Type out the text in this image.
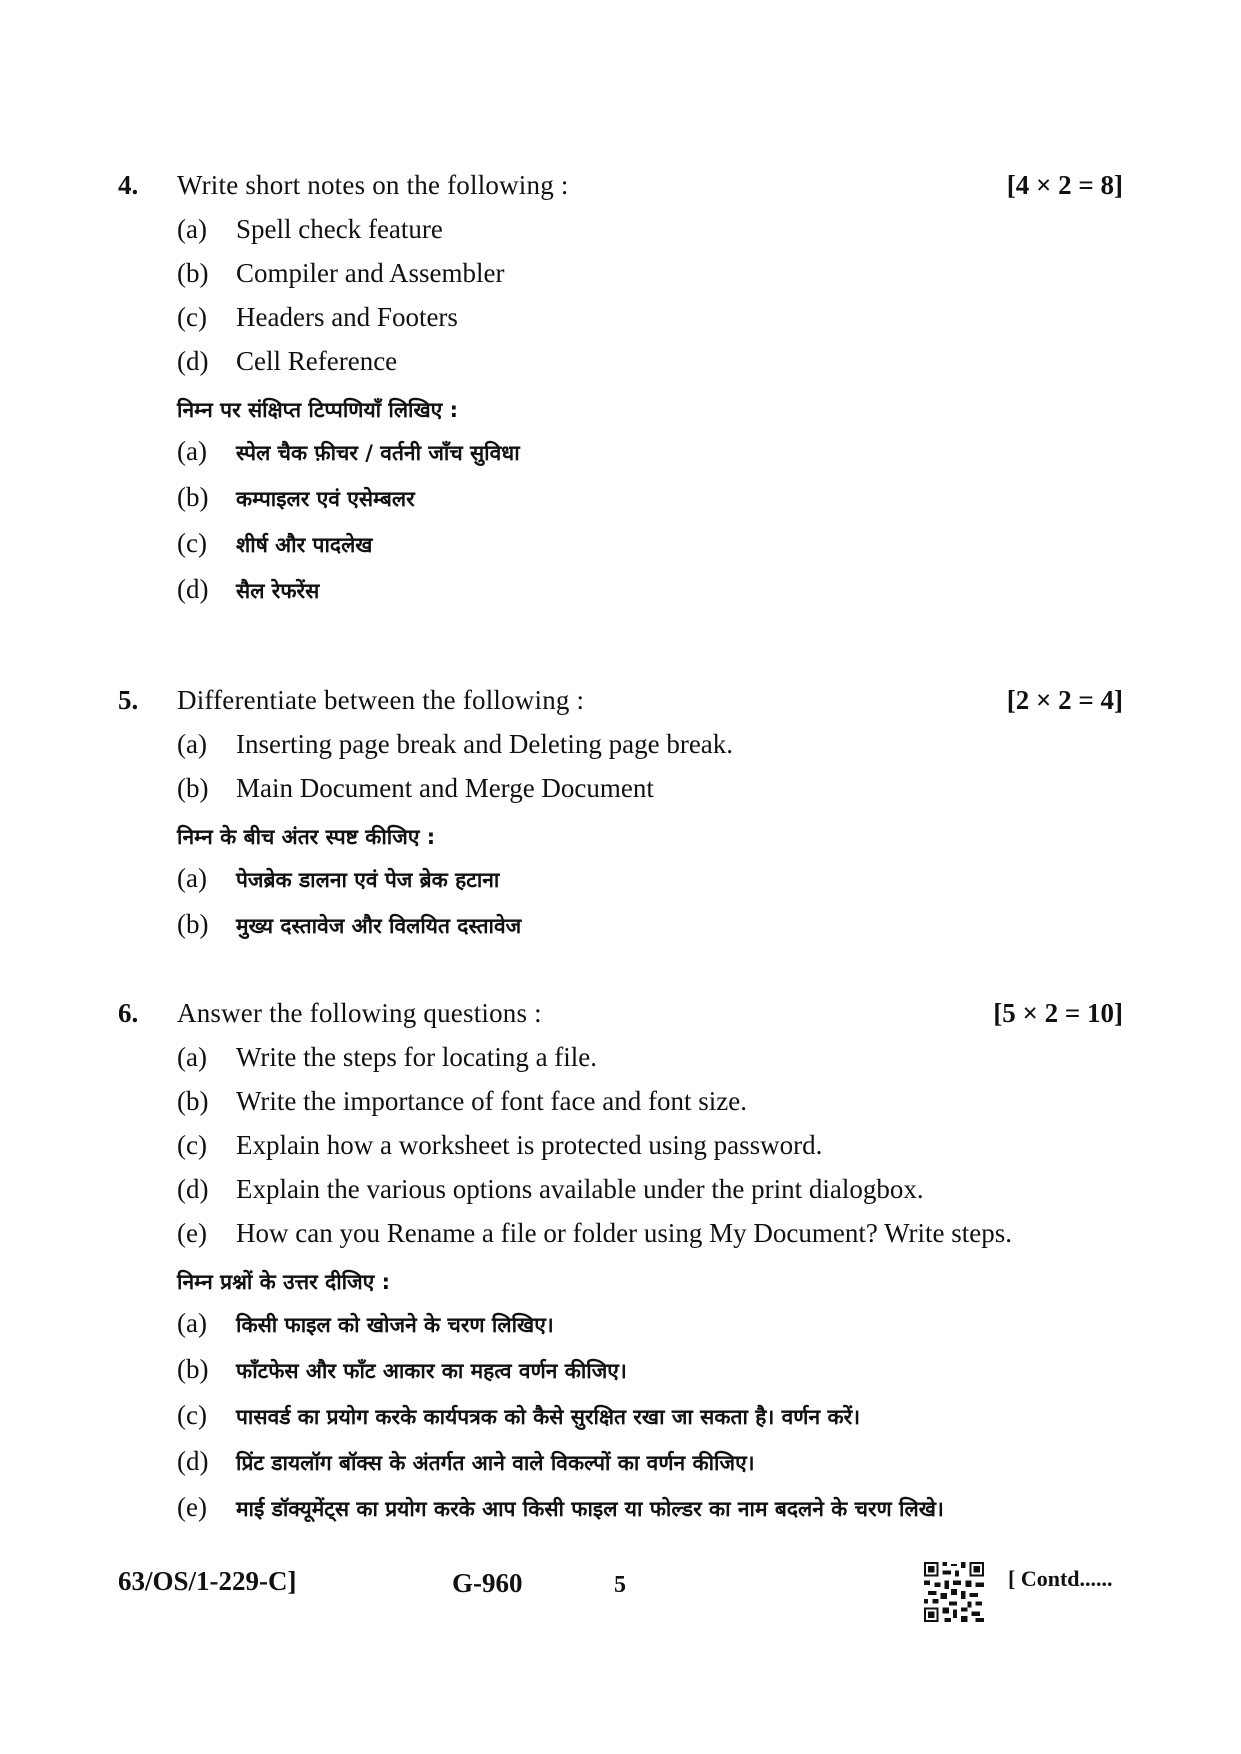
4. Write short notes on the following :	[4 × 2 = 8]
(a) Spell check feature
(b) Compiler and Assembler
(c) Headers and Footers
(d) Cell Reference
निम्न पर संक्षिप्त टिप्पणियाँ लिखिए :
(a) स्पेल चैक फ़ीचर / वर्तनी जाँच सुविधा
(b) कम्पाइलर एवं एसेम्बलर
(c) शीर्ष और पादलेख
(d) सैल रेफरेंस
5. Differentiate between the following :	[2 × 2 = 4]
(a) Inserting page break and Deleting page break.
(b) Main Document and Merge Document
निम्न के बीच अंतर स्पष्ट कीजिए :
(a) पेजब्रेक डालना एवं पेज ब्रेक हटाना
(b) मुख्य दस्तावेज और विलयित दस्तावेज
6. Answer the following questions :	[5 × 2 = 10]
(a) Write the steps for locating a file.
(b) Write the importance of font face and font size.
(c) Explain how a worksheet is protected using password.
(d) Explain the various options available under the print dialogbox.
(e) How can you Rename a file or folder using My Document? Write steps.
निम्न प्रश्नों के उत्तर दीजिए :
(a) किसी फाइल को खोजने के चरण लिखिए।
(b) फॉंटफेस और फॉंट आकार का महत्व वर्णन कीजिए।
(c) पासवर्ड का प्रयोग करके कार्यपत्रक को कैसे सुरक्षित रखा जा सकता है। वर्णन करें।
(d) प्रिंट डायलॉग बॉक्स के अंतर्गत आने वाले विकल्पों का वर्णन कीजिए।
(e) माई डॉक्यूमेंट्स का प्रयोग करके आप किसी फाइल या फोल्डर का नाम बदलने के चरण लिखे।
63/OS/1-229-C]	G-960	5	[ Contd......
